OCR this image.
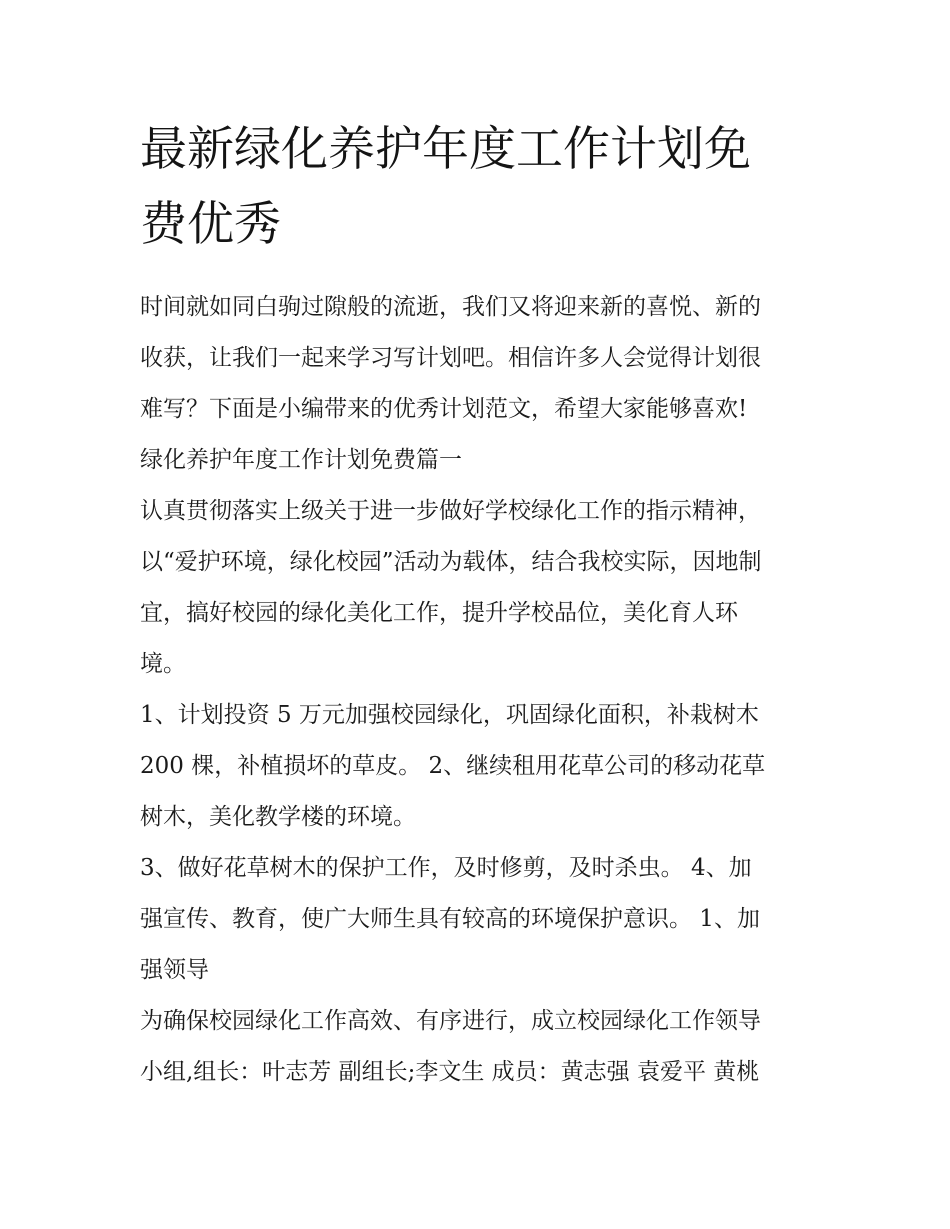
最新绿化养护年度工作计划免
费优秀

时间就如同白驹过隙般的流逝，我们又将迎来新的喜悦、新的
收获，让我们一起来学习写计划吧。相信许多人会觉得计划很
难写？下面是小编带来的优秀计划范文，希望大家能够喜欢!

绿化养护年度工作计划免费篇一

认真贯彻落实上级关于进一步做好学校绿化工作的指示精神，
以“爱护环境，绿化校园”活动为载体，结合我校实际，因地制
宜，搞好校园的绿化美化工作，提升学校品位，美化育人环
境。

1、计划投资 5 万元加强校园绿化，巩固绿化面积，补栽树木
200 棵，补植损坏的草皮。 2、继续租用花草公司的移动花草
树木，美化教学楼的环境。

3、做好花草树木的保护工作，及时修剪，及时杀虫。 4、加
强宣传、教育，使广大师生具有较高的环境保护意识。 1、加
强领导

为确保校园绿化工作高效、有序进行，成立校园绿化工作领导
小组,组长：叶志芳 副组长;李文生 成员：黄志强 袁爱平 黄桃
